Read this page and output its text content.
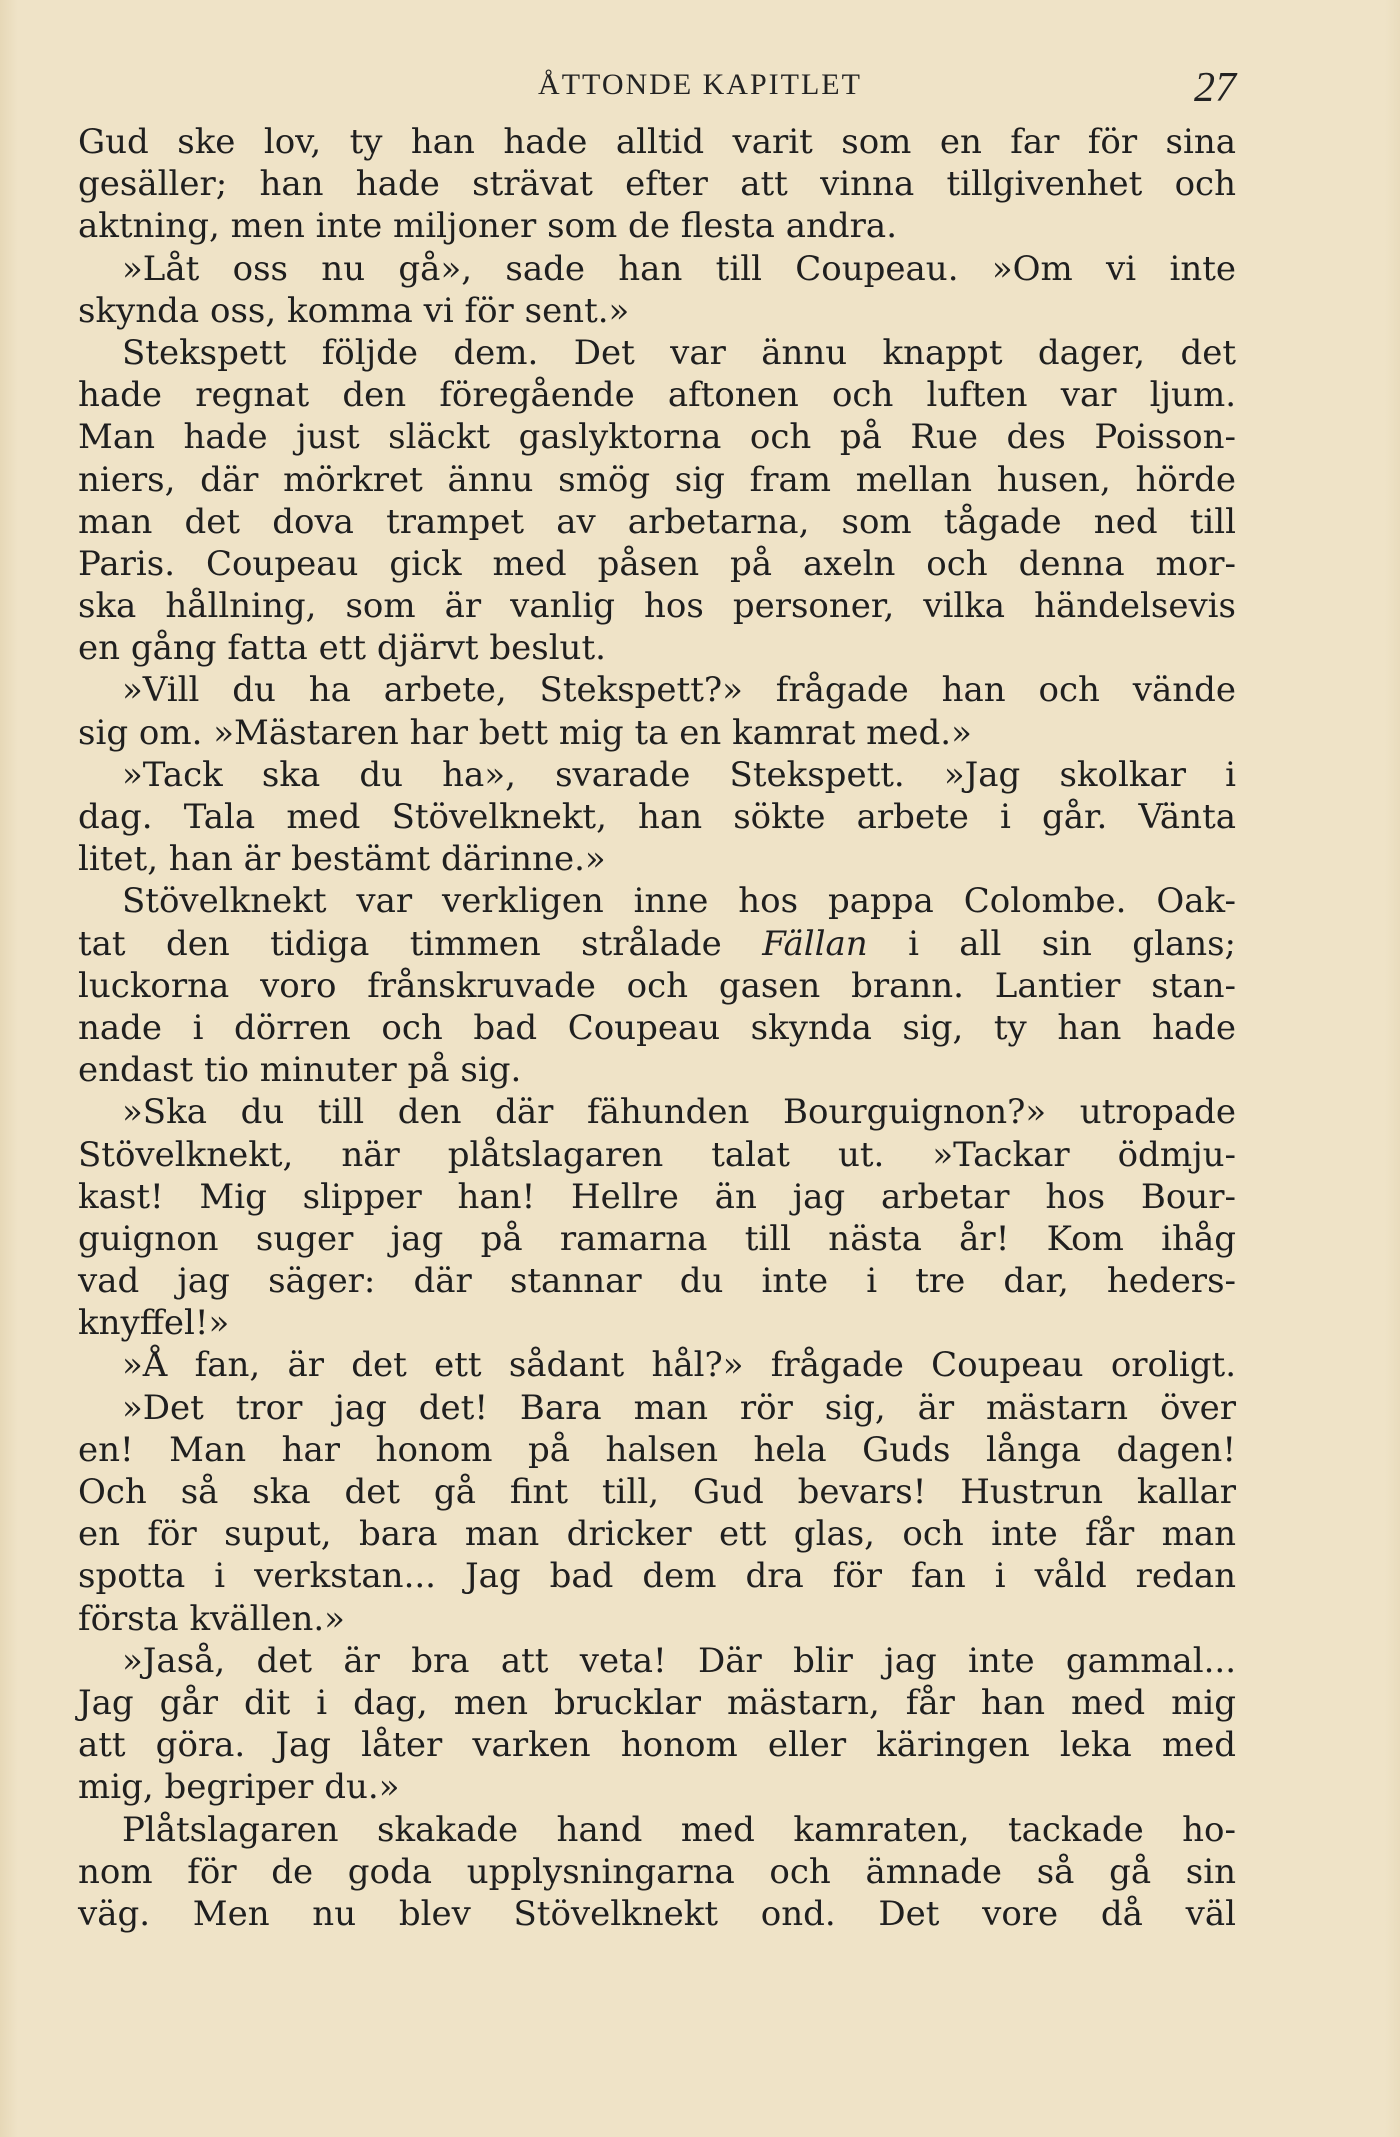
ÅTTONDE KAPITLET	27
Gud ske lov, ty han hade alltid varit som en far för sina
gesäller; han hade strävat efter att vinna tillgivenhet och
aktning, men inte miljoner som de flesta andra.
»Låt oss nu gå», sade han till Coupeau. »Om vi inte
skynda oss, komma vi för sent.»
Stekspett följde dem. Det var ännu knappt dager, det
hade regnat den föregående aftonen och luften var ljum.
Man hade just släckt gaslyktorna och på Rue des Poisson-
niers, där mörkret ännu smög sig fram mellan husen, hörde
man det dova trampet av arbetarna, som tågade ned till
Paris. Coupeau gick med påsen på axeln och denna mor-
ska hållning, som är vanlig hos personer, vilka händelsevis
en gång fatta ett djärvt beslut.
»Vill du ha arbete, Stekspett?» frågade han och vände
sig om. »Mästaren har bett mig ta en kamrat med.»
»Tack ska du ha», svarade Stekspett. »Jag skolkar i
dag. Tala med Stövelknekt, han sökte arbete i går. Vänta
litet, han är bestämt därinne.»
Stövelknekt var verkligen inne hos pappa Colombe. Oak-
tat den tidiga timmen strålade Fällan i all sin glans;
luckorna voro frånskruvade och gasen brann. Lantier stan-
nade i dörren och bad Coupeau skynda sig, ty han hade
endast tio minuter på sig.
»Ska du till den där fähunden Bourguignon?» utropade
Stövelknekt, när plåtslagaren talat ut. »Tackar ödmju-
kast! Mig slipper han! Hellre än jag arbetar hos Bour-
guignon suger jag på ramarna till nästa år! Kom ihåg
vad jag säger: där stannar du inte i tre dar, heders-
knyffel!»
»Å fan, är det ett sådant hål?» frågade Coupeau oroligt.
»Det tror jag det! Bara man rör sig, är mästarn över
en! Man har honom på halsen hela Guds långa dagen!
Och så ska det gå fint till, Gud bevars! Hustrun kallar
en för suput, bara man dricker ett glas, och inte får man
spotta i verkstan... Jag bad dem dra för fan i våld redan
första kvällen.»
»Jaså, det är bra att veta! Där blir jag inte gammal...
Jag går dit i dag, men brucklar mästarn, får han med mig
att göra. Jag låter varken honom eller käringen leka med
mig, begriper du.»
Plåtslagaren skakade hand med kamraten, tackade ho-
nom för de goda upplysningarna och ämnade så gå sin
väg. Men nu blev Stövelknekt ond. Det vore då väl
